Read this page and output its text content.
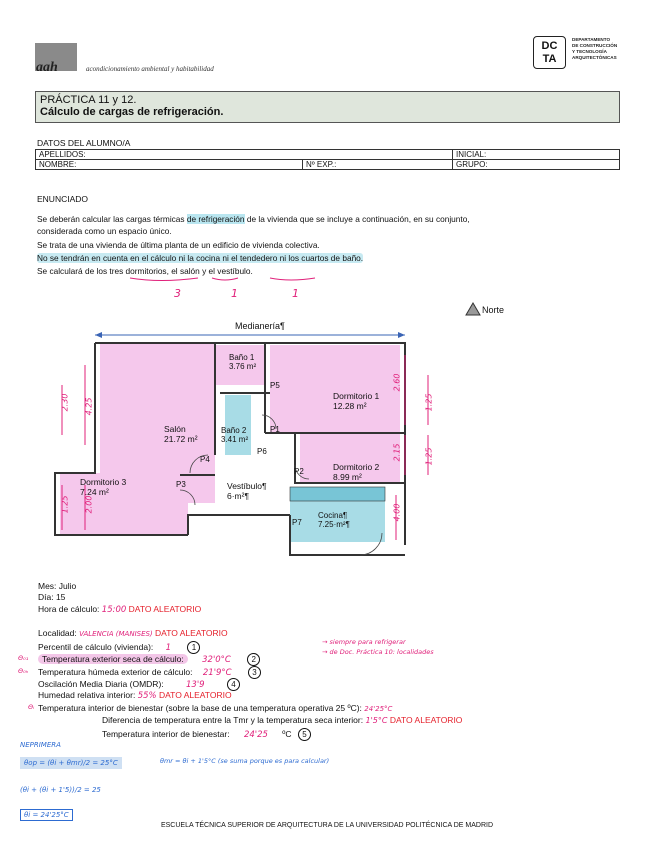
aah	acondicionamiento ambiental y habitabilidad
DC TA
DEPARTAMENTO
DE CONSTRUCCIÓN
Y TECNOLOGÍA
ARQUITECTÓNICAS
PRÁCTICA 11 y 12.
Cálculo de cargas de refrigeración.
DATOS DEL ALUMNO/A
APELLIDOS:		INICIAL:
NOMBRE:	Nº EXP.:	GRUPO:
ENUNCIADO
Se deberán calcular las cargas térmicas de refrigeración de la vivienda que se incluye a continuación, en su conjunto,
considerada como un espacio único.
Se trata de una vivienda de última planta de un edificio de vivienda colectiva.
No se tendrán en cuenta en el cálculo ni la cocina ni el tendedero ni los cuartos de baño.
Se calculará de los tres dormitorios, el salón y el vestíbulo.
3	1	1
Norte
Medianería¶
Baño 1
3.76 m²
Dormitorio 1
12.28 m²
Salón
21.72 m²
Baño 2
3.41 m²
Dormitorio 2
8.99 m²
Dormitorio 3
7.24 m²
Vestíbulo¶
6·m²¶
Cocina¶
7.25·m²¶
P5
P1
P6
P4
P2
P3
P7
2.30 4.25
2.60
1.25
2.15	1.25
1.25 2.00	4.00
Mes: Julio
Día: 15
Hora de cálculo: 15:00 DATO ALEATORIO
Localidad: VALENCIA (MANISES) DATO ALEATORIO
Percentil de cálculo (vivienda): 1	1
Temperatura exterior seca de cálculo: 32'0°C	2
Temperatura húmeda exterior de cálculo: 21'9°C	3
Oscilación Media Diaria (OMDR):	13'9	4
Humedad relativa interior: 55% DATO ALEATORIO
Temperatura interior de bienestar (sobre la base de una temperatura operativa 25 ºC): 24'25°C
Diferencia de temperatura entre la Tmr y la temperatura seca interior: 1'5°C DATO ALEATORIO
Temperatura interior de bienestar: 24'25 ºC 5
→ siempre para refrigerar
→ de Doc. Práctica 10: localidades
Θ₀₁
Θ₀ₕ
Θᵢ
NEPRIMERA
θop = (θi + θmr)/2 = 25°C	θmr = θi + 1'5°C (se suma porque es para calcular)
(θi + (θi + 1'5))/2 = 25
θi = 24'25°C
ESCUELA TÉCNICA SUPERIOR DE ARQUITECTURA DE LA UNIVERSIDAD POLITÉCNICA DE MADRID
